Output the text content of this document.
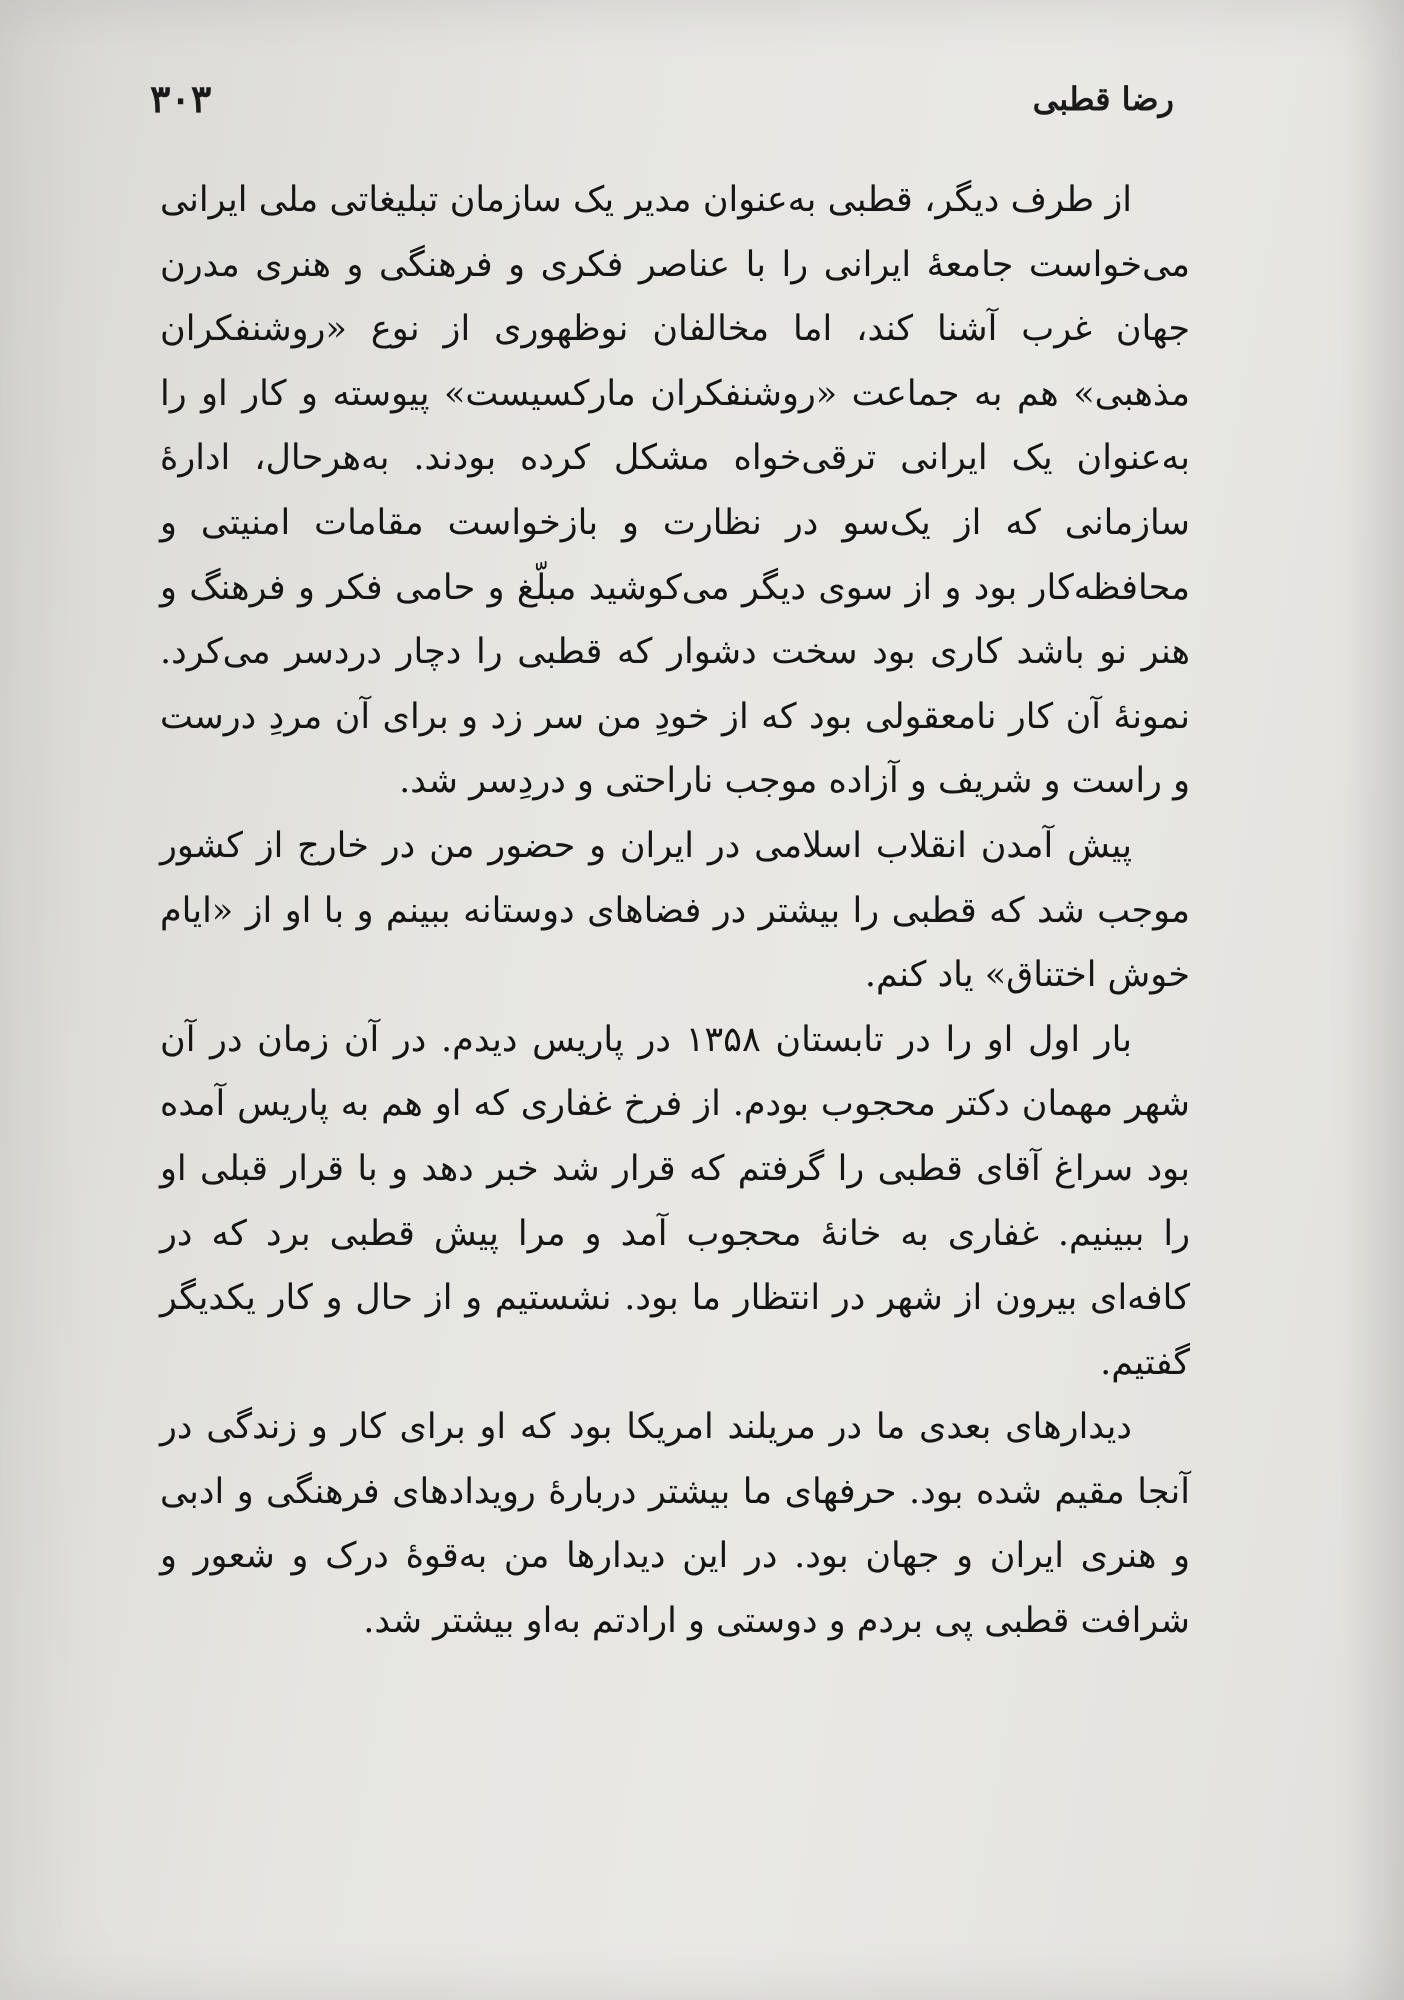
رضا قطبی
۳۰۳

از طرف دیگر، قطبی به‌عنوان مدیر یک سازمان تبلیغاتی ملی ایرانی می‌خواست جامعهٔ ایرانی را با عناصر فکری و فرهنگی و هنری مدرن جهان غرب آشنا کند، اما مخالفان نوظهوری از نوع «روشنفکران مذهبی» هم به جماعت «روشنفکران مارکسیست» پیوسته و کار او را به‌عنوان یک ایرانی ترقی‌خواه مشکل کرده بودند. به‌هرحال، ادارهٔ سازمانی که از یک‌سو در نظارت و بازخواست مقامات امنیتی و محافظه‌کار بود و از سوی دیگر می‌کوشید مبلّغ و حامی فکر و فرهنگ و هنر نو باشد کاری بود سخت دشوار که قطبی را دچار دردسر می‌کرد. نمونهٔ آن کار نامعقولی بود که از خودِ من سر زد و برای آن مردِ درست و راست و شریف و آزاده موجب ناراحتی و دردِسر شد.

پیش آمدن انقلاب اسلامی در ایران و حضور من در خارج از کشور موجب شد که قطبی را بیشتر در فضاهای دوستانه ببینم و با او از «ایام خوش اختناق» یاد کنم.

بار اول او را در تابستان ۱۳۵۸ در پاریس دیدم. در آن زمان در آن شهر مهمان دکتر محجوب بودم. از فرخ غفاری که او هم به پاریس آمده بود سراغ آقای قطبی را گرفتم که قرار شد خبر دهد و با قرار قبلی او را ببینیم. غفاری به خانهٔ محجوب آمد و مرا پیش قطبی برد که در کافه‌ای بیرون از شهر در انتظار ما بود. نشستیم و از حال و کار یکدیگر گفتیم.

دیدارهای بعدی ما در مریلند امریکا بود که او برای کار و زندگی در آنجا مقیم شده بود. حرفهای ما بیشتر دربارهٔ رویدادهای فرهنگی و ادبی و هنری ایران و جهان بود. در این دیدارها من به‌قوهٔ درک و شعور و شرافت قطبی پی بردم و دوستی و ارادتم به‌او بیشتر شد.
